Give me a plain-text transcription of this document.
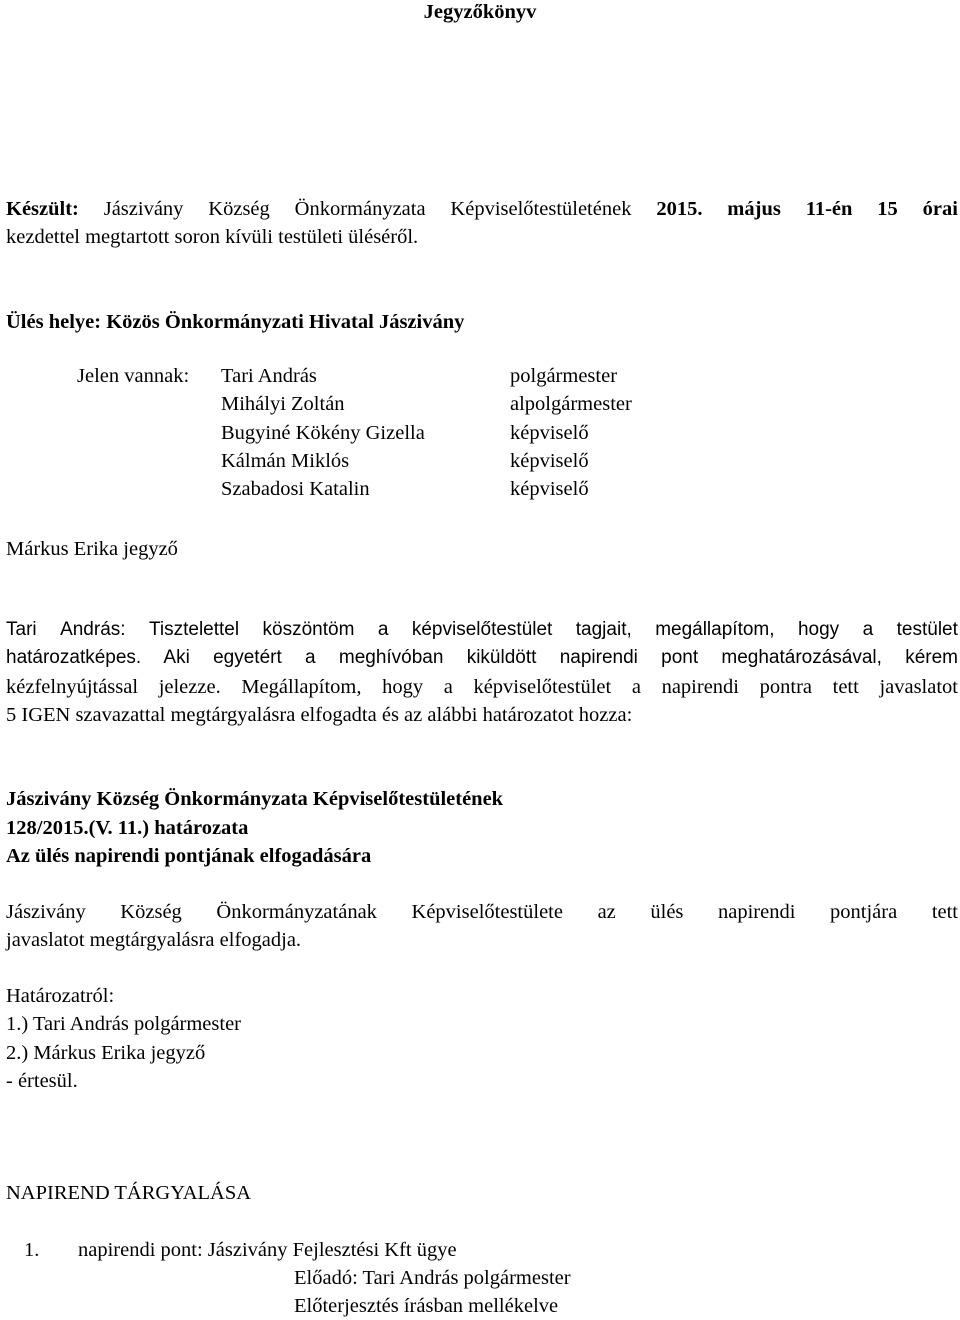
Jegyzőkönyv
Készült: Jászivány Község Önkormányzata Képviselőtestületének 2015. május 11-én 15 órai
kezdettel megtartott soron kívüli testületi üléséről.
Ülés helye: Közös Önkormányzati Hivatal Jászivány
Jelen vannak: Tari András	polgármester
Mihályi Zoltán	alpolgármester
Bugyiné Kökény Gizella	képviselő
Kálmán Miklós	képviselő
Szabadosi Katalin	képviselő
Márkus Erika jegyző
Tari András: Tisztelettel köszöntöm a képviselőtestület tagjait, megállapítom, hogy a testület
határozatképes. Aki egyetért a meghívóban kiküldött napirendi pont meghatározásával, kérem
kézfelnyújtással jelezze. Megállapítom, hogy a képviselőtestület a napirendi pontra tett javaslatot
5 IGEN szavazattal megtárgyalásra elfogadta és az alábbi határozatot hozza:
Jászivány Község Önkormányzata Képviselőtestületének
128/2015.(V. 11.) határozata
Az ülés napirendi pontjának elfogadására
Jászivány Község Önkormányzatának Képviselőtestülete az ülés napirendi pontjára tett
javaslatot megtárgyalásra elfogadja.
Határozatról:
1.) Tari András polgármester
2.) Márkus Erika jegyző
- értesül.
NAPIREND TÁRGYALÁSA
1. napirendi pont: Jászivány Fejlesztési Kft ügye
Előadó: Tari András polgármester
Előterjesztés írásban mellékelve
